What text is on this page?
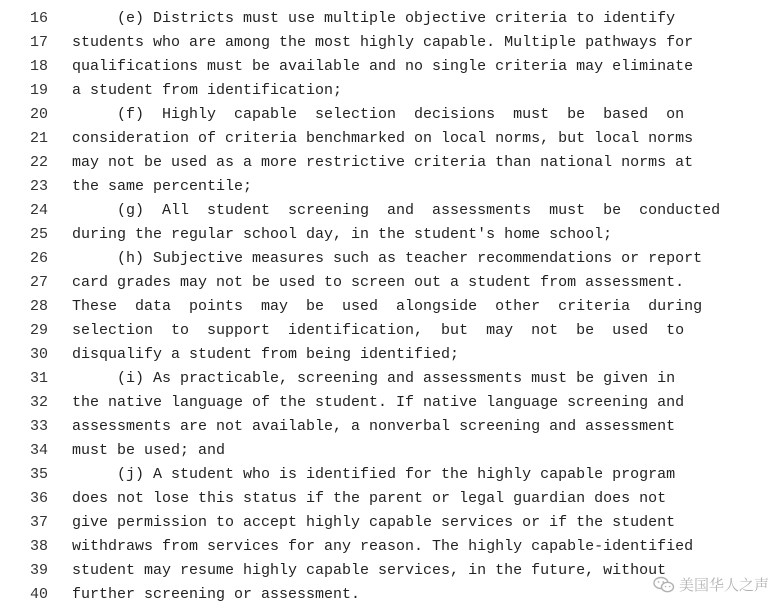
16 (e) Districts must use multiple objective criteria to identify
17 students who are among the most highly capable. Multiple pathways for
18 qualifications must be available and no single criteria may eliminate
19 a student from identification;
20 (f)  Highly  capable  selection  decisions  must  be  based  on
21 consideration of criteria benchmarked on local norms, but local norms
22 may not be used as a more restrictive criteria than national norms at
23 the same percentile;
24 (g)  All  student  screening  and  assessments  must  be  conducted
25 during the regular school day, in the student's home school;
26 (h) Subjective measures such as teacher recommendations or report
27 card grades may not be used to screen out a student from assessment.
28 These  data  points  may  be  used  alongside  other  criteria  during
29 selection  to  support  identification,  but  may  not  be  used  to
30 disqualify a student from being identified;
31 (i) As practicable, screening and assessments must be given in
32 the native language of the student. If native language screening and
33 assessments are not available, a nonverbal screening and assessment
34 must be used; and
35 (j) A student who is identified for the highly capable program
36 does not lose this status if the parent or legal guardian does not
37 give permission to accept highly capable services or if the student
38 withdraws from services for any reason. The highly capable-identified
39 student may resume highly capable services, in the future, without
40 further screening or assessment.
美国华人之声
